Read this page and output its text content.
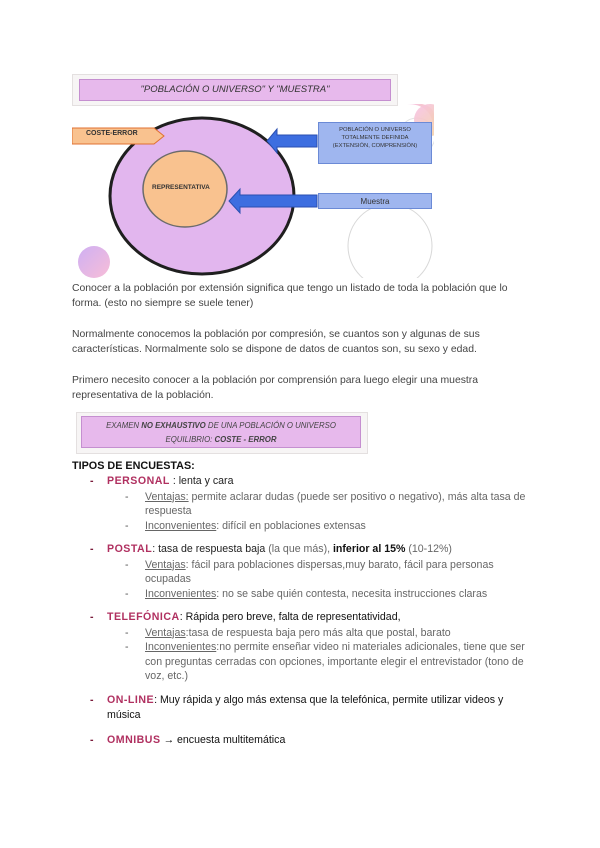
"POBLACIÓN O UNIVERSO" Y "MUESTRA"
COSTE-ERROR
REPRESENTATIVA
POBLACIÓN O UNIVERSO
TOTALMENTE DEFINIDA
(EXTENSIÓN, COMPRENSIÓN)
Muestra

Conocer a la población por extensión significa que tengo un listado de toda la población que lo forma. (esto no siempre se suele tener)

Normalmente conocemos la población por compresión, se cuantos son y algunas de sus características. Normalmente solo se dispone de datos de cuantos son, su sexo y edad.

Primero necesito conocer a la población por comprensión para luego elegir una muestra representativa de la población.

EXAMEN NO EXHAUSTIVO DE UNA POBLACIÓN O UNIVERSO
EQUILIBRIO: COSTE - ERROR
TIPOS DE ENCUESTAS:
- PERSONAL : lenta y cara
- Ventajas: permite aclarar dudas (puede ser positivo o negativo), más alta tasa de respuesta
- Inconvenientes: difícil en poblaciones extensas
- POSTAL: tasa de respuesta baja (la que más), inferior al 15% (10-12%)
- Ventajas: fácil para poblaciones dispersas,muy barato, fácil para personas ocupadas
- Inconvenientes: no se sabe quién contesta, necesita instrucciones claras
- TELEFÓNICA: Rápida pero breve, falta de representatividad,
- Ventajas:tasa de respuesta baja pero más alta que postal, barato
- Inconvenientes:no permite enseñar video ni materiales adicionales, tiene que ser con preguntas cerradas con opciones, importante elegir el entrevistador (tono de voz, etc.)
- ON-LINE: Muy rápida y algo más extensa que la telefónica, permite utilizar videos y música
- OMNIBUS → encuesta multitemática
